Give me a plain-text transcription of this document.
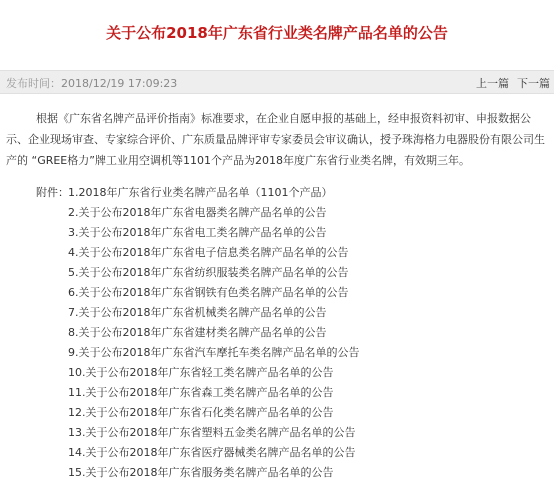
关于公布2018年广东省行业类名牌产品名单的公告
发布时间：2018/12/19 17:09:23	上一篇 下一篇
根据《广东省名牌产品评价指南》标准要求，在企业自愿申报的基础上，经申报资料初审、申报数据公示、企业现场审查、专家综合评价、广东质量品牌评审专家委员会审议确认，授予珠海格力电器股份有限公司生产的 “GREE格力”牌工业用空调机等1101个产品为2018年度广东省行业类名牌，有效期三年。
附件：1.2018年广东省行业类名牌产品名单（1101个产品）
2.关于公布2018年广东省电器类名牌产品名单的公告
3.关于公布2018年广东省电工类名牌产品名单的公告
4.关于公布2018年广东省电子信息类名牌产品名单的公告
5.关于公布2018年广东省纺织服装类名牌产品名单的公告
6.关于公布2018年广东省钢铁有色类名牌产品名单的公告
7.关于公布2018年广东省机械类名牌产品名单的公告
8.关于公布2018年广东省建材类名牌产品名单的公告
9.关于公布2018年广东省汽车摩托车类名牌产品名单的公告
10.关于公布2018年广东省轻工类名牌产品名单的公告
11.关于公布2018年广东省森工类名牌产品名单的公告
12.关于公布2018年广东省石化类名牌产品名单的公告
13.关于公布2018年广东省塑料五金类名牌产品名单的公告
14.关于公布2018年广东省医疗器械类名牌产品名单的公告
15.关于公布2018年广东省服务类名牌产品名单的公告
